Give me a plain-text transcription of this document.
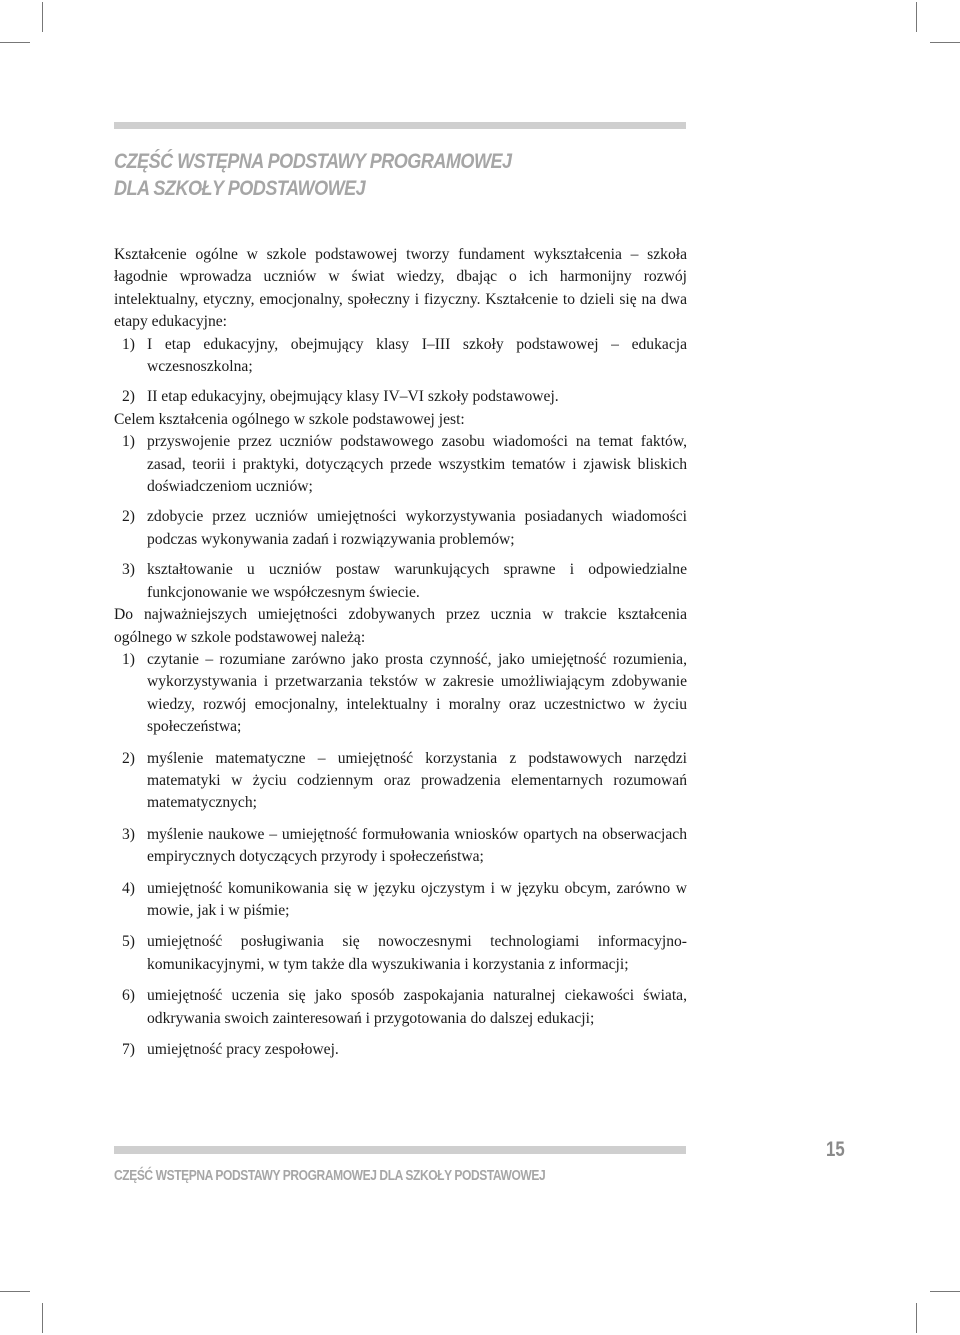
CZĘŚĆ WSTĘPNA PODSTAWY PROGRAMOWEJ
DLA SZKOŁY PODSTAWOWEJ

Kształcenie ogólne w szkole podstawowej tworzy fundament wykształcenia – szkoła łagodnie wprowadza uczniów w świat wiedzy, dbając o ich harmonijny rozwój intelektualny, etyczny, emocjonalny, społeczny i fizyczny. Kształcenie to dzieli się na dwa etapy edukacyjne:

1) I etap edukacyjny, obejmujący klasy I–III szkoły podstawowej – edukacja wczesnoszkolna;
2) II etap edukacyjny, obejmujący klasy IV–VI szkoły podstawowej.

Celem kształcenia ogólnego w szkole podstawowej jest:

1) przyswojenie przez uczniów podstawowego zasobu wiadomości na temat faktów, zasad, teorii i praktyki, dotyczących przede wszystkim tematów i zjawisk bliskich doświadczeniom uczniów;
2) zdobycie przez uczniów umiejętności wykorzystywania posiadanych wiadomości podczas wykonywania zadań i rozwiązywania problemów;
3) kształtowanie u uczniów postaw warunkujących sprawne i odpowiedzialne funkcjonowanie we współczesnym świecie.

Do najważniejszych umiejętności zdobywanych przez ucznia w trakcie kształcenia ogólnego w szkole podstawowej należą:

1) czytanie – rozumiane zarówno jako prosta czynność, jako umiejętność rozumienia, wykorzystywania i przetwarzania tekstów w zakresie umożliwiającym zdobywanie wiedzy, rozwój emocjonalny, intelektualny i moralny oraz uczestnictwo w życiu społeczeństwa;
2) myślenie matematyczne – umiejętność korzystania z podstawowych narzędzi matematyki w życiu codziennym oraz prowadzenia elementarnych rozumowań matematycznych;
3) myślenie naukowe – umiejętność formułowania wniosków opartych na obserwacjach empirycznych dotyczących przyrody i społeczeństwa;
4) umiejętność komunikowania się w języku ojczystym i w języku obcym, zarówno w mowie, jak i w piśmie;
5) umiejętność posługiwania się nowoczesnymi technologiami informacyjno-komunikacyjnymi, w tym także dla wyszukiwania i korzystania z informacji;
6) umiejętność uczenia się jako sposób zaspokajania naturalnej ciekawości świata, odkrywania swoich zainteresowań i przygotowania do dalszej edukacji;
7) umiejętność pracy zespołowej.
CZĘŚĆ WSTĘPNA PODSTAWY PROGRAMOWEJ DLA SZKOŁY PODSTAWOWEJ
15
